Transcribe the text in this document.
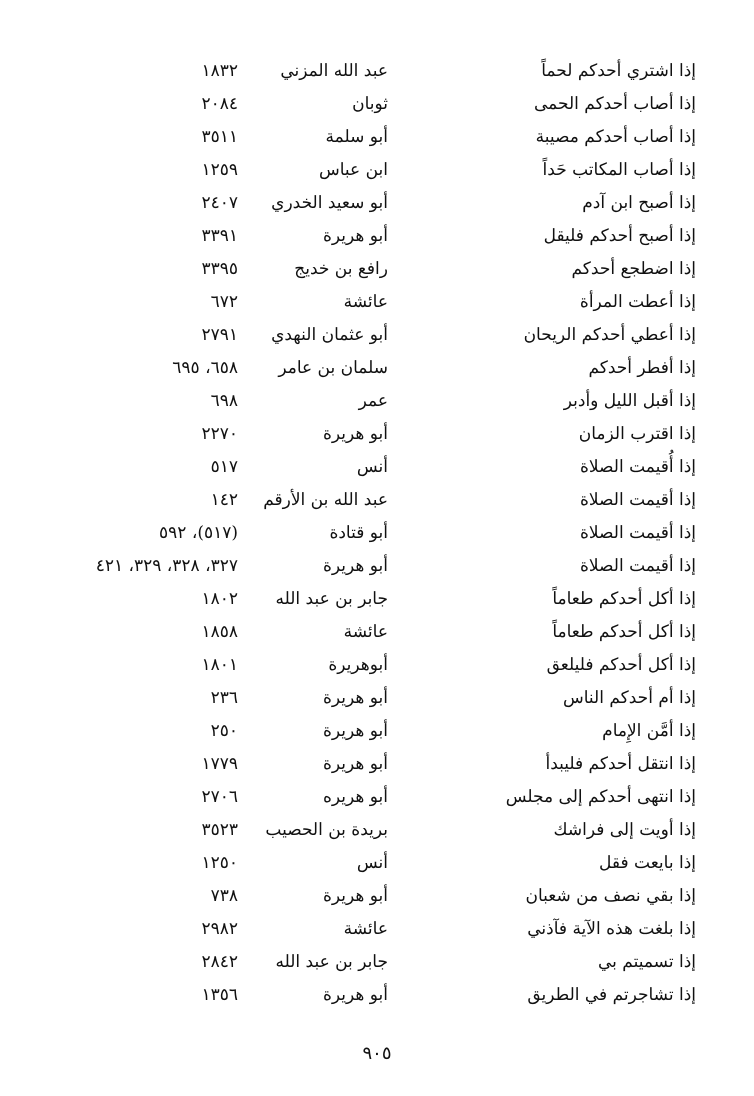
إذا اشتري أحدكم لحماً
عبد الله المزني
١٨٣٢
إذا أصاب أحدكم الحمى
ثوبان
٢٠٨٤
إذا أصاب أحدكم مصيبة
أبو سلمة
٣٥١١
إذا أصاب المكاتب حَداً
ابن عباس
١٢٥٩
إذا أصبح ابن آدم
أبو سعيد الخدري
٢٤٠٧
إذا أصبح أحدكم فليقل
أبو هريرة
٣٣٩١
إذا اضطجع أحدكم
رافع بن خديج
٣٣٩٥
إذا أعطت المرأة
عائشة
٦٧٢
إذا أعطي أحدكم الريحان
أبو عثمان النهدي
٢٧٩١
إذا أفطر أحدكم
سلمان بن عامر
٦٥٨، ٦٩٥
إذا أقبل الليل وأدبر
عمر
٦٩٨
إذا اقترب الزمان
أبو هريرة
٢٢٧٠
إذا أُقيمت الصلاة
أنس
٥١٧
إذا أقيمت الصلاة
عبد الله بن الأرقم
١٤٢
إذا أقيمت الصلاة
أبو قتادة
(٥١٧)، ٥٩٢
إذا أقيمت الصلاة
أبو هريرة
٣٢٧، ٣٢٨، ٣٢٩، ٤٢١
إذا أكل أحدكم طعاماً
جابر بن عبد الله
١٨٠٢
إذا أكل أحدكم طعاماً
عائشة
١٨٥٨
إذا أكل أحدكم فليلعق
أبوهريرة
١٨٠١
إذا أم أحدكم الناس
أبو هريرة
٢٣٦
إذا أمَّن الإِمام
أبو هريرة
٢٥٠
إذا انتقل أحدكم فليبدأ
أبو هريرة
١٧٧٩
إذا انتهى أحدكم إلى مجلس
أبو هريره
٢٧٠٦
إذا أويت إلى فراشك
بريدة بن الحصيب
٣٥٢٣
إذا بايعت فقل
أنس
١٢٥٠
إذا بقي نصف من شعبان
أبو هريرة
٧٣٨
إذا بلغت هذه الآية فآذني
عائشة
٢٩٨٢
إذا تسميتم بي
جابر بن عبد الله
٢٨٤٢
إذا تشاجرتم في الطريق
أبو هريرة
١٣٥٦
٩٠٥
